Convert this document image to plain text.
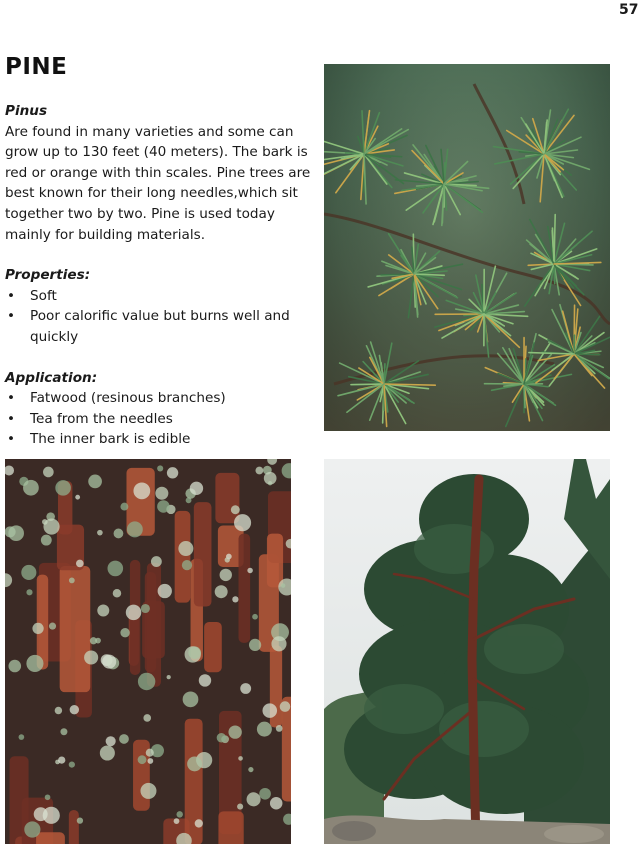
57
PINE

Pinus

Are found in many varieties and some can grow up to 130 feet (40 meters). The bark is red or orange with thin scales. Pine trees are best known for their long needles,which sit together two by two. Pine is used today mainly for building materials.

Properties:

• Soft
• Poor calorific value but burns well and quickly

Application:

• Fatwood (resinous branches)
• Tea from the needles
• The inner bark is edible
